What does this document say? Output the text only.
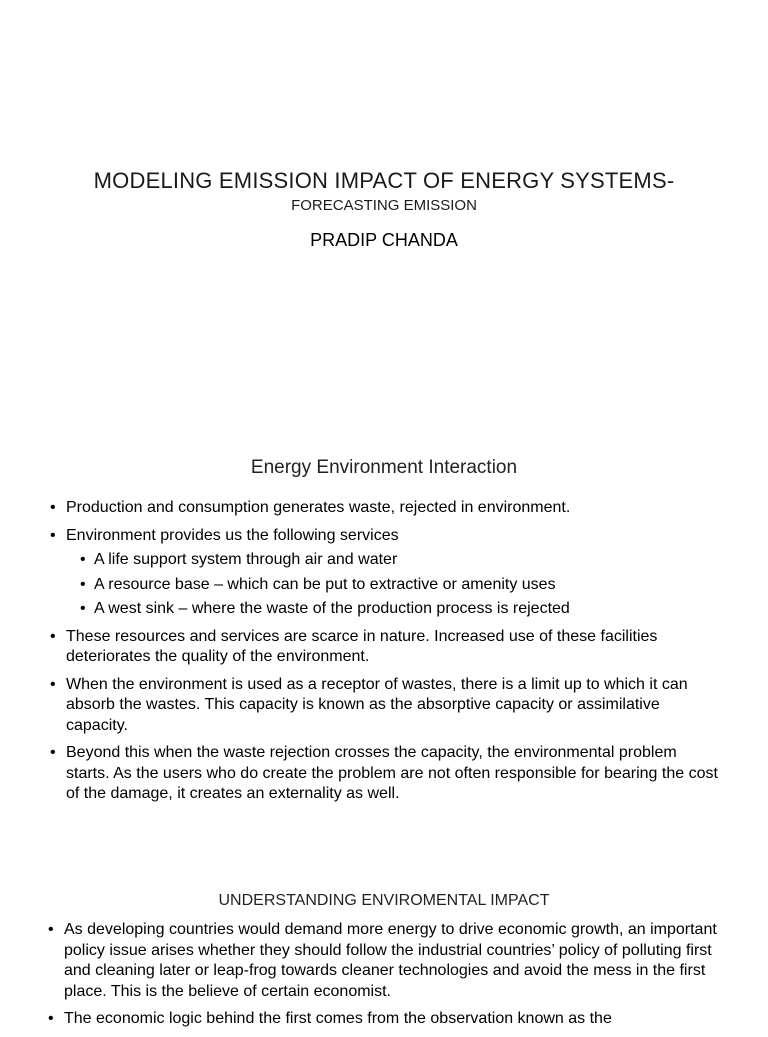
MODELING EMISSION IMPACT OF ENERGY SYSTEMS-
FORECASTING EMISSION
PRADIP CHANDA
Energy Environment Interaction
• Production and consumption generates waste, rejected in environment.
• Environment provides us the following services
• A life support system through air and water
• A resource base – which can be put to extractive or amenity uses
• A west sink – where the waste of the production process is rejected
• These resources and services are scarce in nature. Increased use of these facilities deteriorates the quality of the environment.
• When the environment is used as a receptor of wastes, there is a limit up to which it can absorb the wastes. This capacity is known as the absorptive capacity or assimilative capacity.
• Beyond this when the waste rejection crosses the capacity, the environmental problem starts. As the users who do create the problem are not often responsible for bearing the cost of the damage, it creates an externality as well.
UNDERSTANDING ENVIROMENTAL IMPACT
• As developing countries would demand more energy to drive economic growth, an important policy issue arises whether they should follow the industrial countries’ policy of polluting first and cleaning later or leap-frog towards cleaner technologies and avoid the mess in the first place. This is the believe of certain economist.
• The economic logic behind the first comes from the observation known as the
